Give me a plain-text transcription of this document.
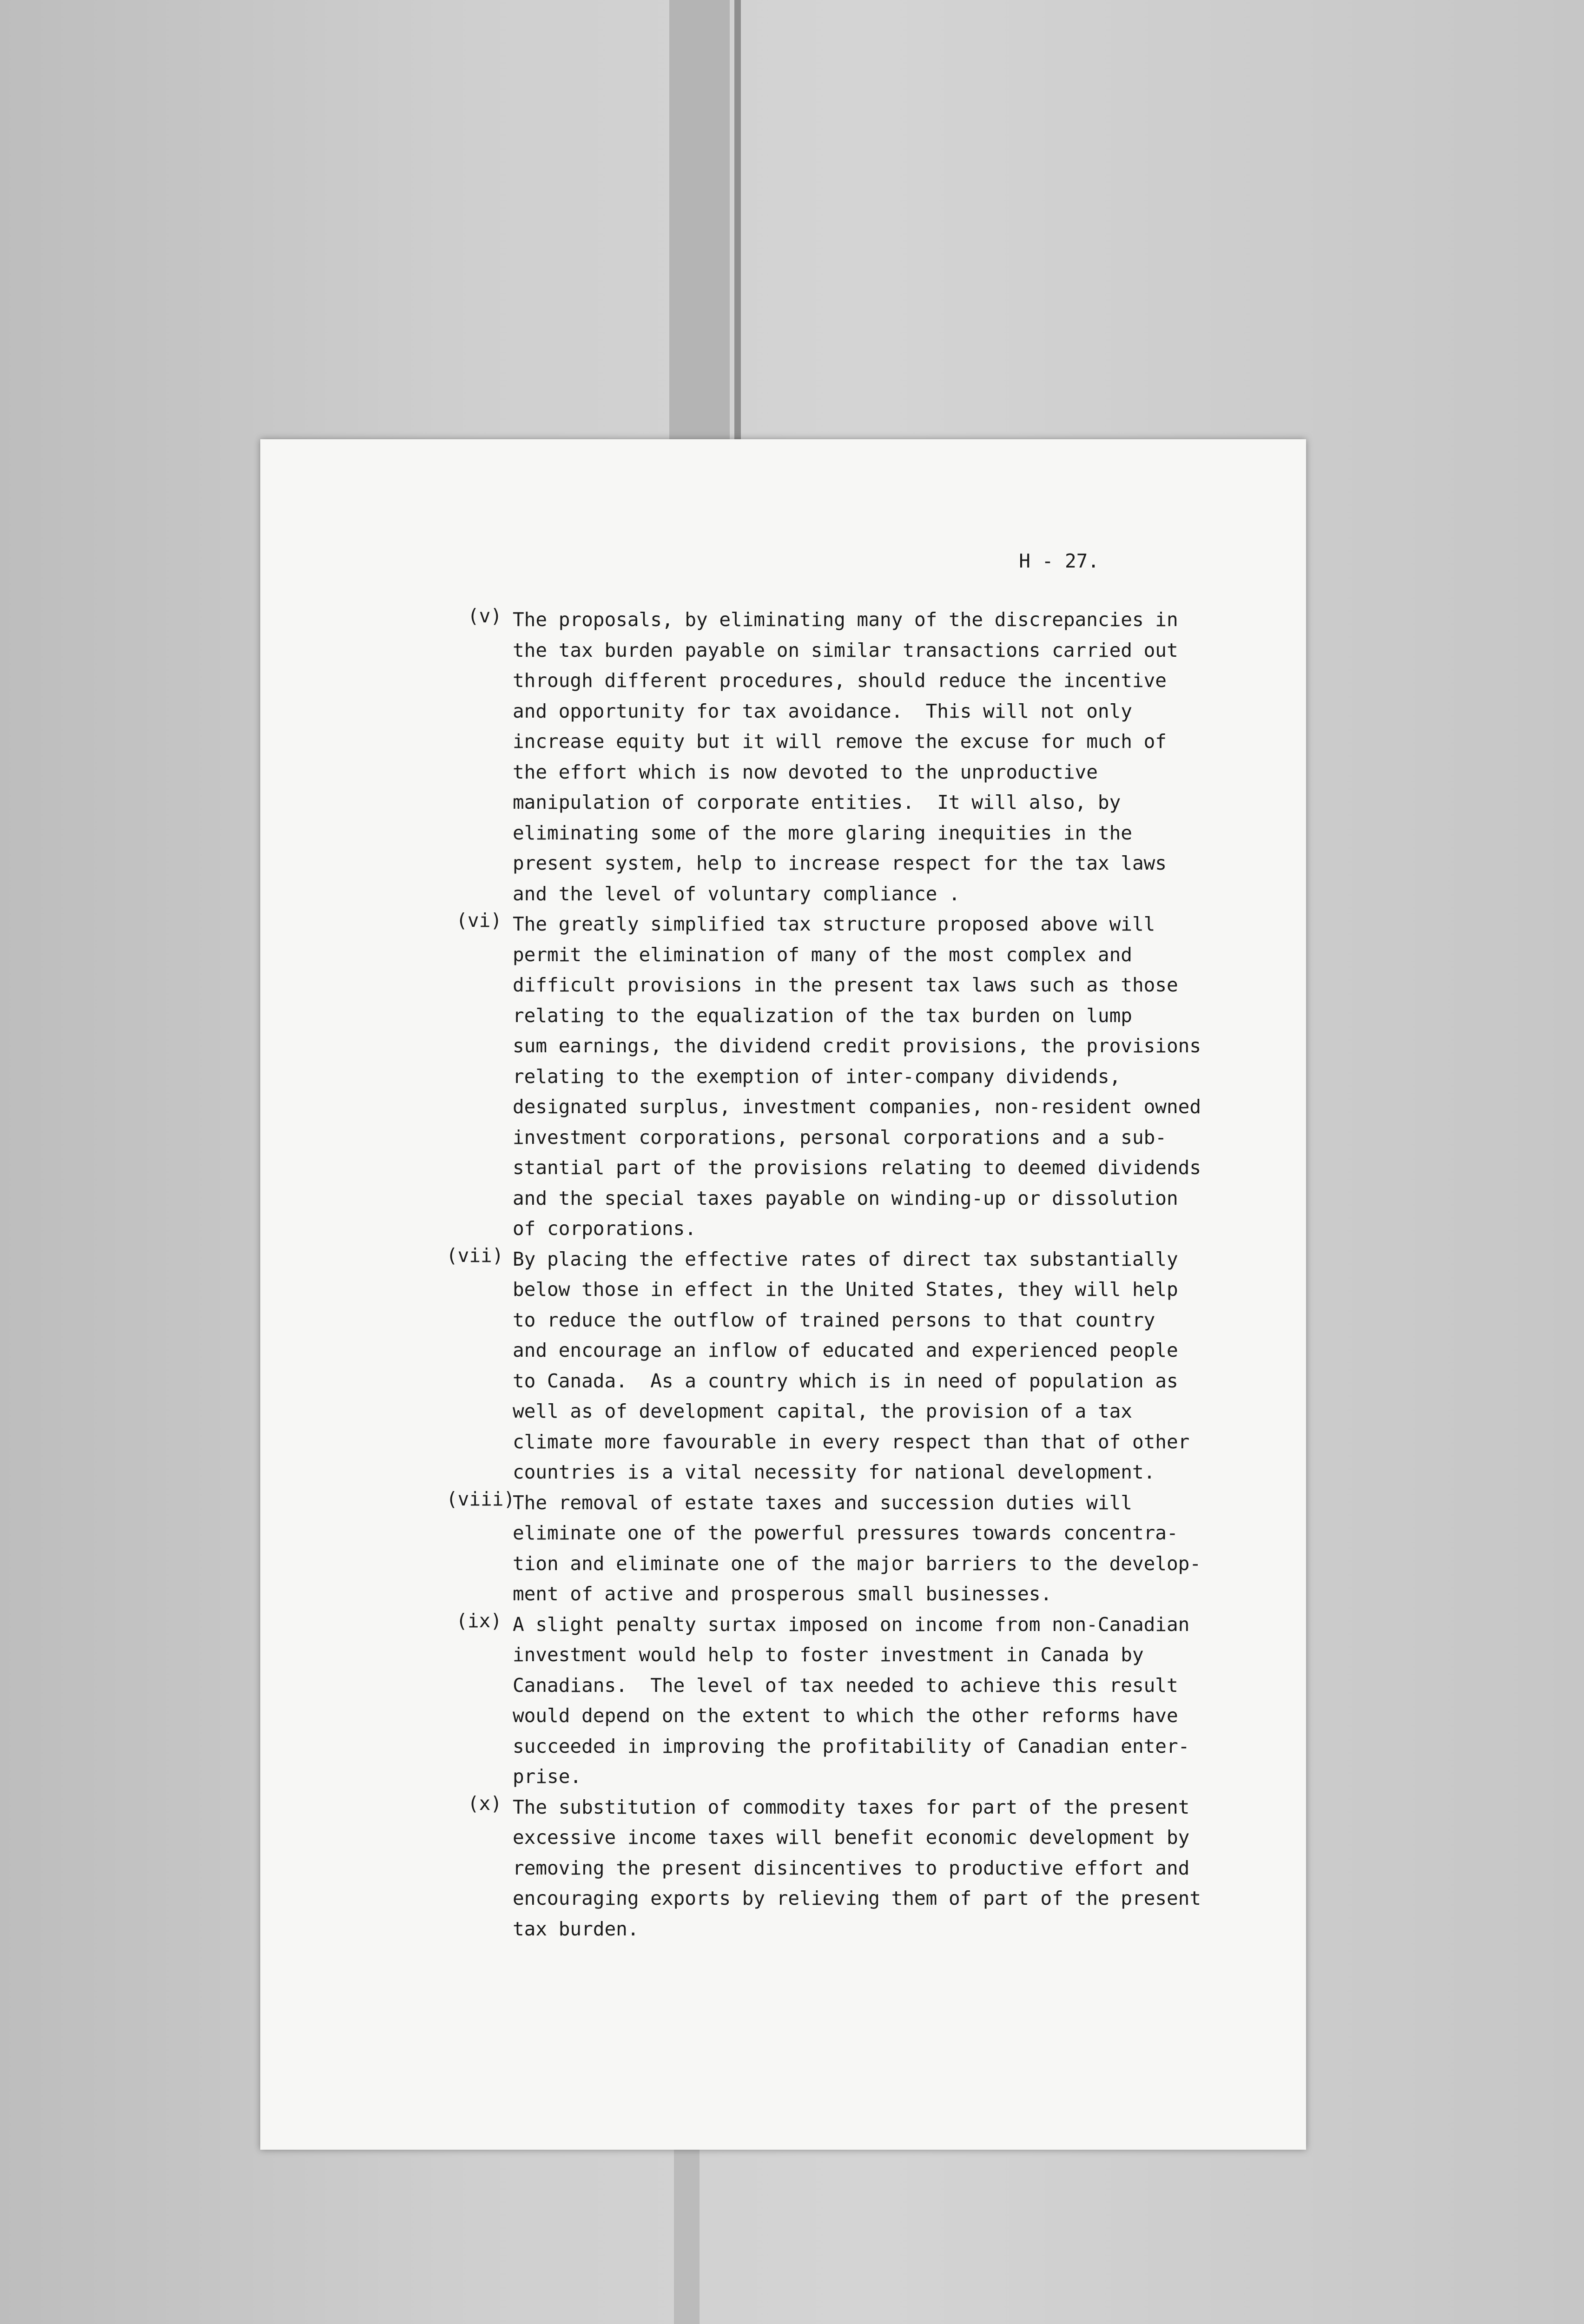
H - 27.
(v) The proposals, by eliminating many of the discrepancies in
the tax burden payable on similar transactions carried out
through different procedures, should reduce the incentive
and opportunity for tax avoidance.  This will not only
increase equity but it will remove the excuse for much of
the effort which is now devoted to the unproductive
manipulation of corporate entities.  It will also, by
eliminating some of the more glaring inequities in the
present system, help to increase respect for the tax laws
and the level of voluntary compliance .
(vi) The greatly simplified tax structure proposed above will
permit the elimination of many of the most complex and
difficult provisions in the present tax laws such as those
relating to the equalization of the tax burden on lump
sum earnings, the dividend credit provisions, the provisions
relating to the exemption of inter-company dividends,
designated surplus, investment companies, non-resident owned
investment corporations, personal corporations and a sub-
stantial part of the provisions relating to deemed dividends
and the special taxes payable on winding-up or dissolution
of corporations.
(vii) By placing the effective rates of direct tax substantially
below those in effect in the United States, they will help
to reduce the outflow of trained persons to that country
and encourage an inflow of educated and experienced people
to Canada.  As a country which is in need of population as
well as of development capital, the provision of a tax
climate more favourable in every respect than that of other
countries is a vital necessity for national development.
(viii)
The removal of estate taxes and succession duties will
eliminate one of the powerful pressures towards concentra-
tion and eliminate one of the major barriers to the develop-
ment of active and prosperous small businesses.
(ix) A slight penalty surtax imposed on income from non-Canadian
investment would help to foster investment in Canada by
Canadians.  The level of tax needed to achieve this result
would depend on the extent to which the other reforms have
succeeded in improving the profitability of Canadian enter-
prise.
(x) The substitution of commodity taxes for part of the present
excessive income taxes will benefit economic development by
removing the present disincentives to productive effort and
encouraging exports by relieving them of part of the present
tax burden.
